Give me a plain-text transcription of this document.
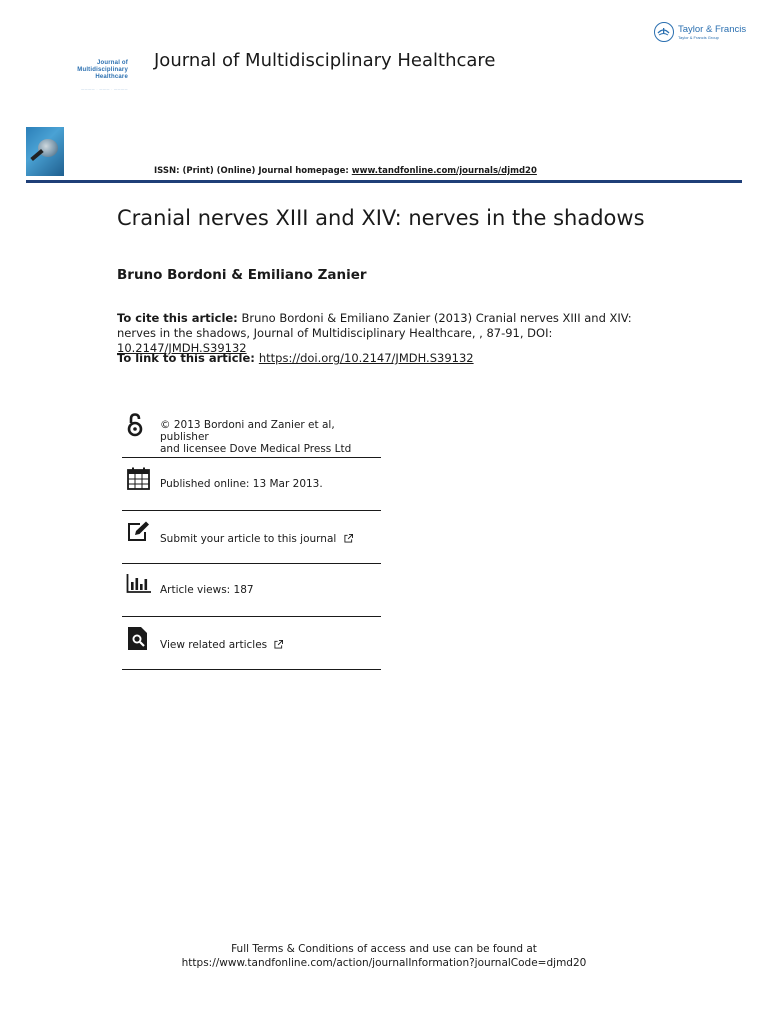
Journal of
Multidisciplinary
Healthcare
———— · ——— · ————
Journal of Multidisciplinary Healthcare
Taylor & Francis
Taylor & Francis Group
ISSN: (Print) (Online) Journal homepage: www.tandfonline.com/journals/djmd20
Cranial nerves XIII and XIV: nerves in the shadows
Bruno Bordoni & Emiliano Zanier
To cite this article: Bruno Bordoni & Emiliano Zanier (2013) Cranial nerves XIII and XIV: nerves in the shadows, Journal of Multidisciplinary Healthcare, , 87-91, DOI: 10.2147/JMDH.S39132
To link to this article: https://doi.org/10.2147/JMDH.S39132
© 2013 Bordoni and Zanier et al, publisher
and licensee Dove Medical Press Ltd
Published online: 13 Mar 2013.
Submit your article to this journal
Article views: 187
View related articles
Full Terms & Conditions of access and use can be found at
https://www.tandfonline.com/action/journalInformation?journalCode=djmd20
